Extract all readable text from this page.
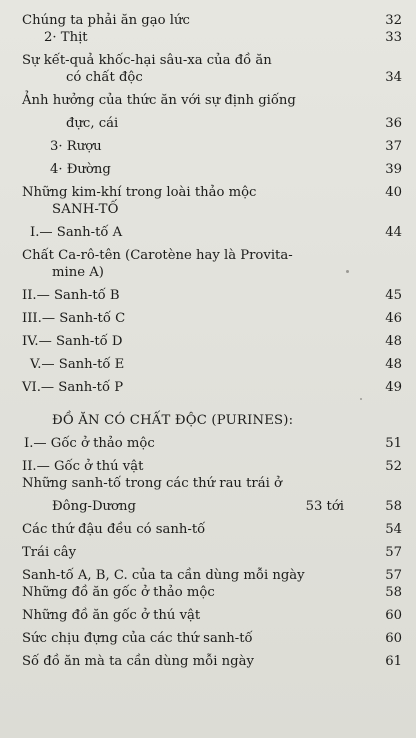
Chúng ta phải ăn gạo lức	32
2· Thịt	33
Sự kết-quả khốc-hại sâu-xa của đồ ăn
có chất độc	34
Ảnh hưởng của thức ăn với sự định giống
đực, cái	36
3· Rượu	37
4· Đường	39
Những kim-khí trong loài thảo mộc	40
SANH-TỐ
I.— Sanh-tố A	44
Chất Ca-rô-tên (Carotène hay là Provita-
mine A)
II.— Sanh-tố B	45
III.— Sanh-tố C	46
IV.— Sanh-tố D	48
V.— Sanh-tố E	48
VI.— Sanh-tố P	49
ĐỒ ĂN CÓ CHẤT ĐỘC (PURINES):
I.— Gốc ở thảo mộc	51
II.— Gốc ở thú vật	52
Những sanh-tố trong các thứ rau trái ở
Đông-Dương	53 tới	58
Các thứ đậu đều có sanh-tố	54
Trái cây	57
Sanh-tố A, B, C. của ta cần dùng mỗi ngày	57
Những đồ ăn gốc ở thảo mộc	58
Những đồ ăn gốc ở thú vật	60
Sức chịu đựng của các thứ sanh-tố	60
Số đồ ăn mà ta cần dùng mỗi ngày	61
